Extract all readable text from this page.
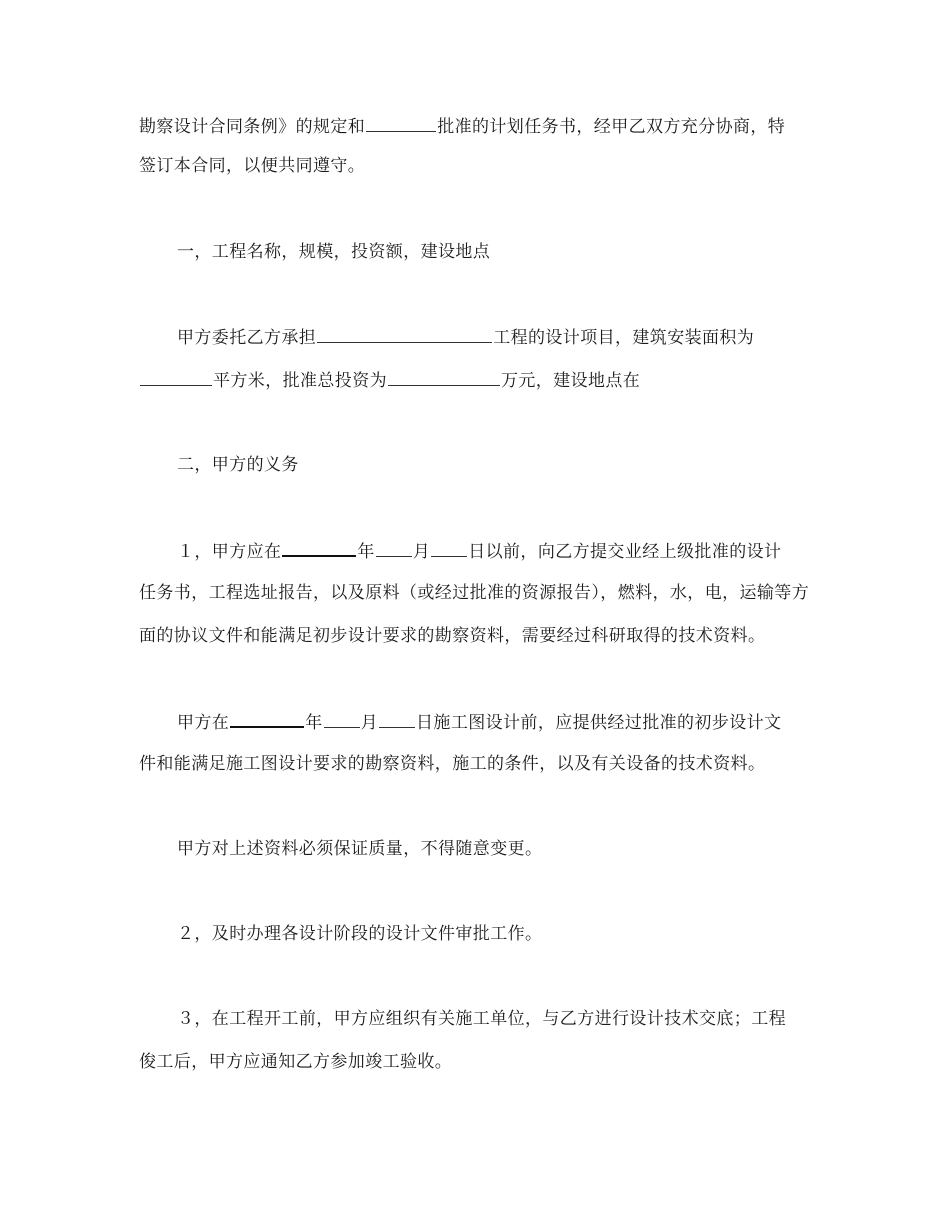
勘察设计合同条例》的规定和	批准的计划任务书，经甲乙双方充分协商，特
签订本合同，以便共同遵守。
一，工程名称，规模，投资额，建设地点
甲方委托乙方承担	工程的设计项目，建筑安装面积为
平方米，批准总投资为	万元，建设地点在
二，甲方的义务
１，甲方应在	年 月 日以前，向乙方提交业经上级批准的设计
任务书，工程选址报告，以及原料（或经过批准的资源报告），燃料，水，电，运输等方
面的协议文件和能满足初步设计要求的勘察资料，需要经过科研取得的技术资料。
甲方在	年 月 日施工图设计前，应提供经过批准的初步设计文
件和能满足施工图设计要求的勘察资料，施工的条件，以及有关设备的技术资料。
甲方对上述资料必须保证质量，不得随意变更。
２，及时办理各设计阶段的设计文件审批工作。
３，在工程开工前，甲方应组织有关施工单位，与乙方进行设计技术交底；工程
俊工后，甲方应通知乙方参加竣工验收。
